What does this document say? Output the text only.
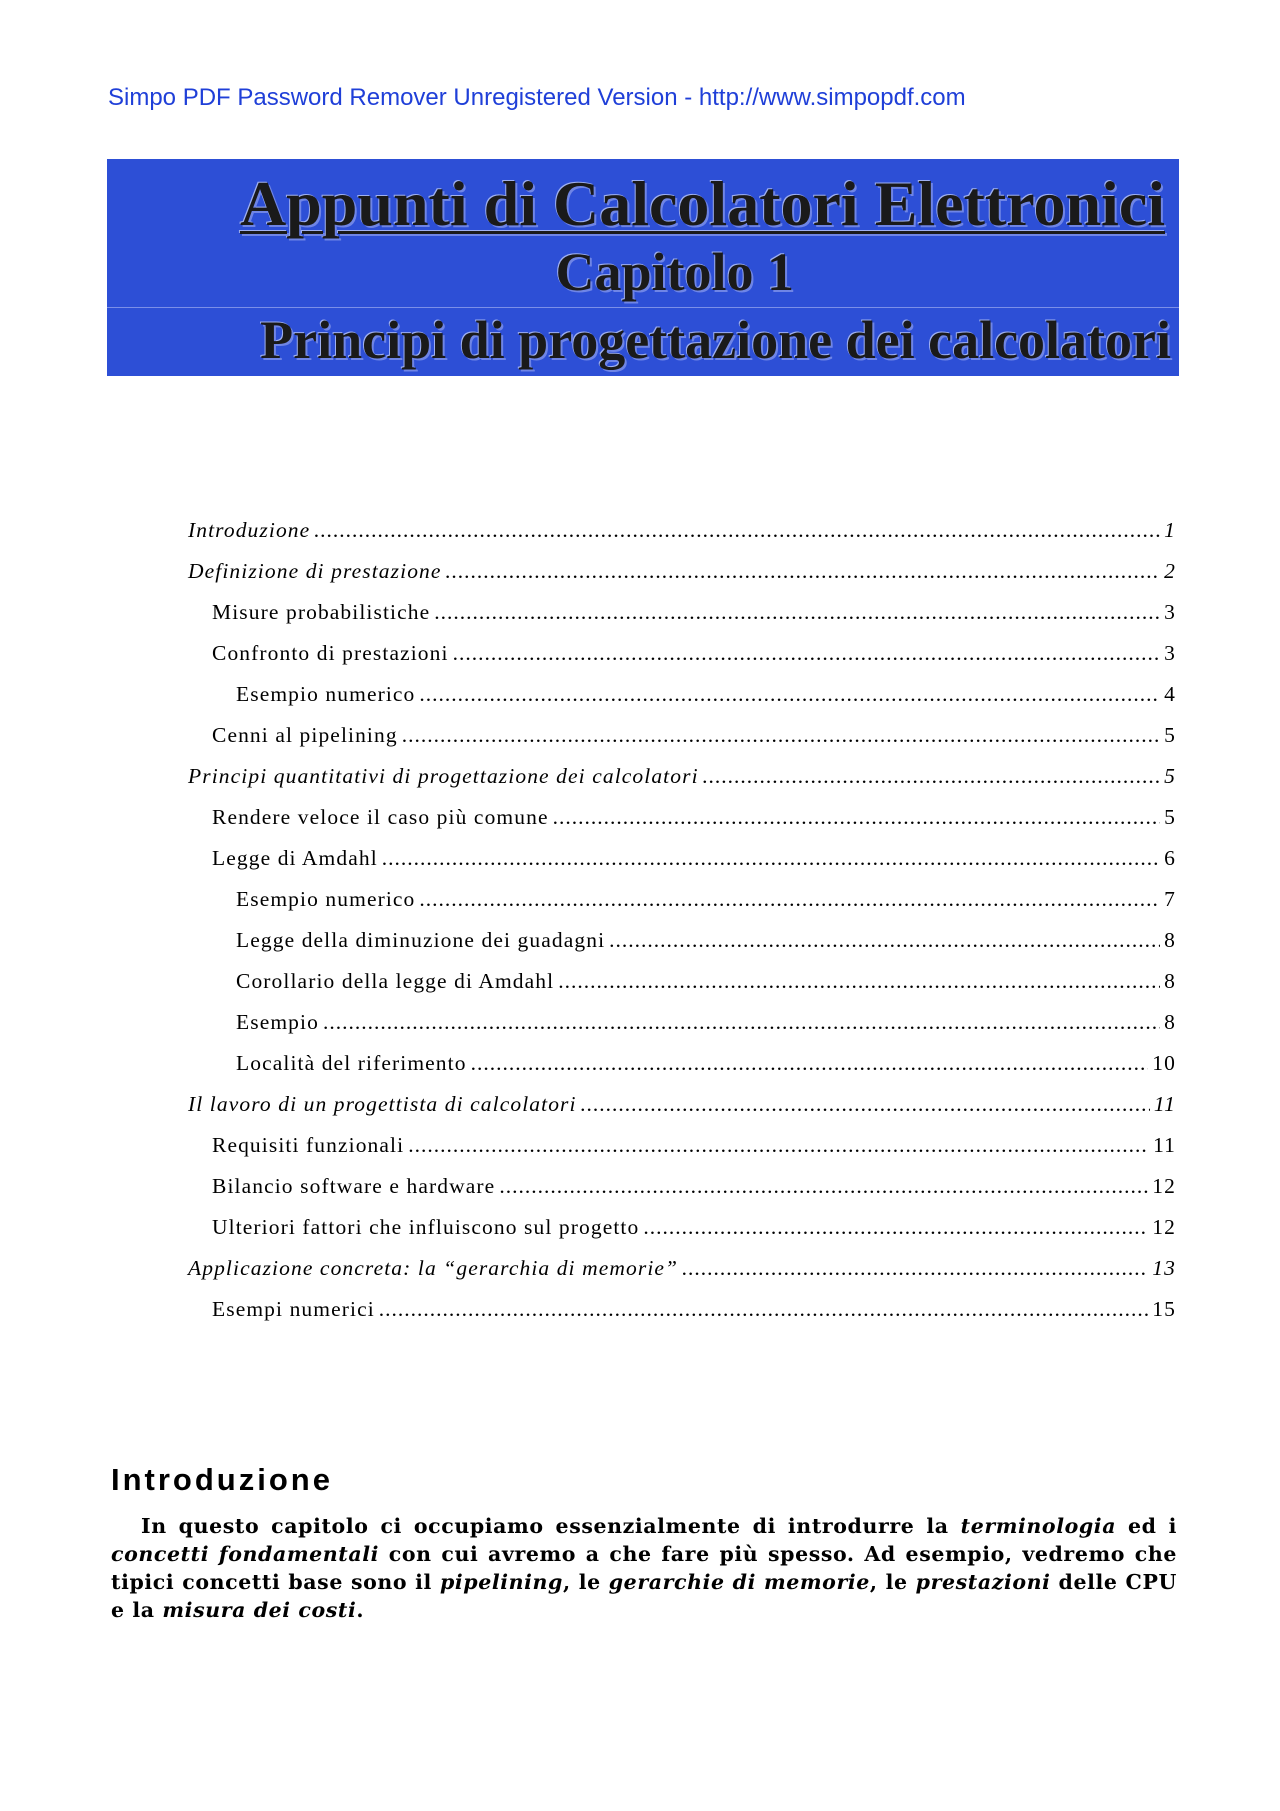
Simpo PDF Password Remover Unregistered Version - http://www.simpopdf.com
Appunti di Calcolatori Elettronici
Capitolo 1
Principi di progettazione dei calcolatori
Introduzione .....	1
Definizione di prestazione .....	2
Misure probabilistiche .....	3
Confronto di prestazioni .....	3
Esempio numerico .....	4
Cenni al pipelining .....	5
Principi quantitativi di progettazione dei calcolatori .....	5
Rendere veloce il caso più comune .....	5
Legge di Amdahl .....	6
Esempio numerico .....	7
Legge della diminuzione dei guadagni .....	8
Corollario della legge di Amdahl .....	8
Esempio .....	8
Località del riferimento .....	10
Il lavoro di un progettista di calcolatori .....	11
Requisiti funzionali .....	11
Bilancio software e hardware .....	12
Ulteriori fattori che influiscono sul progetto .....	12
Applicazione concreta: la “gerarchia di memorie” .....	13
Esempi numerici .....	15
Introduzione

In questo capitolo ci occupiamo essenzialmente di introdurre la terminologia ed i concetti fondamentali con cui avremo a che fare più spesso. Ad esempio, vedremo che tipici concetti base sono il pipelining, le gerarchie di memorie, le prestazioni delle CPU e la misura dei costi.
